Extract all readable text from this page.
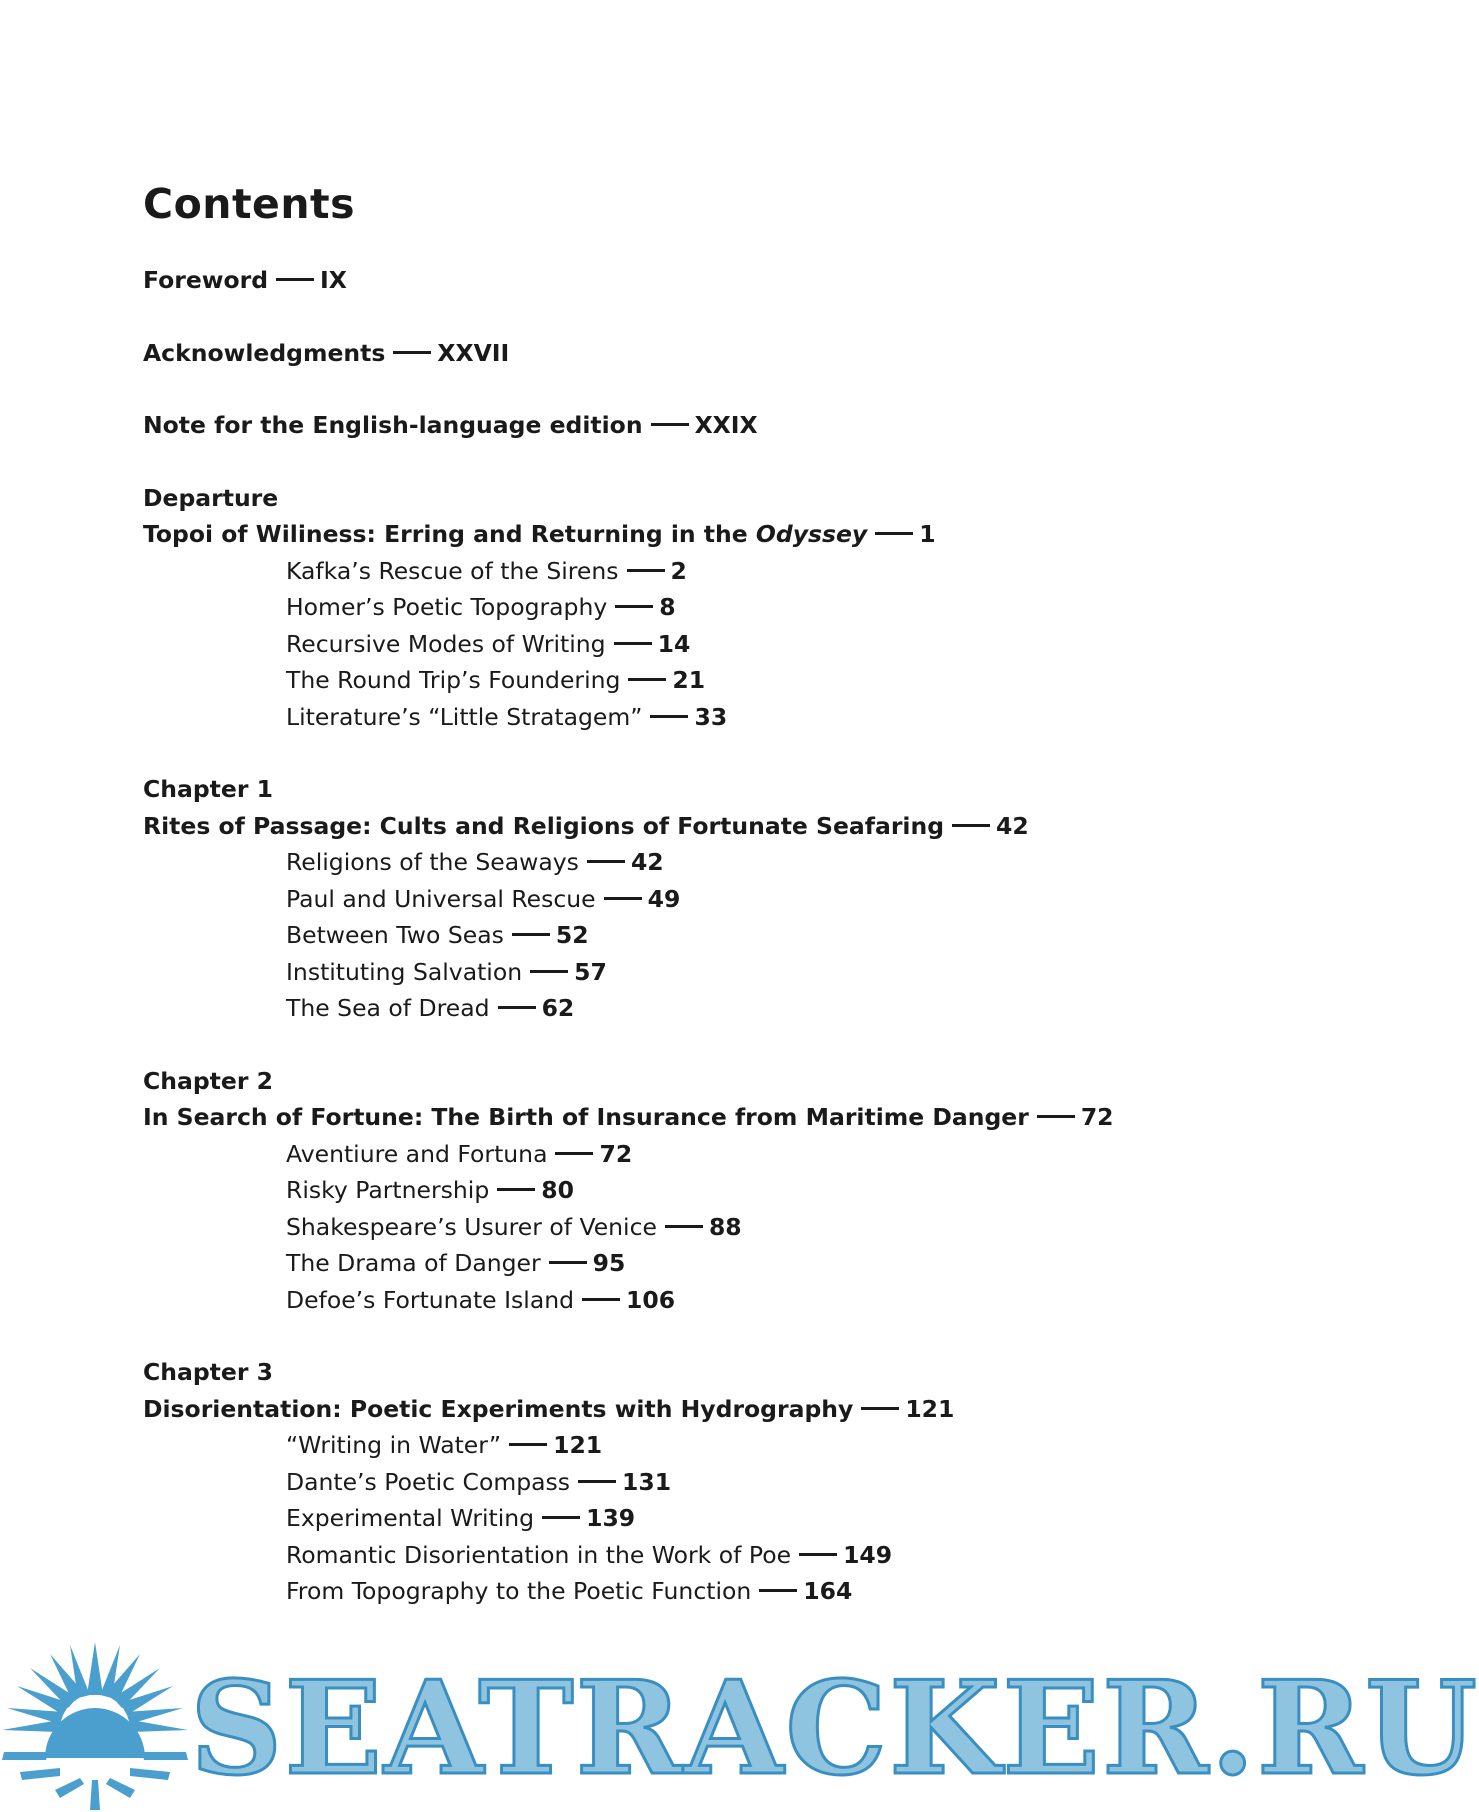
Contents
Foreword IX
Acknowledgments XXVII
Note for the English-language edition XXIX
Departure
Topoi of Wiliness: Erring and Returning in the Odyssey 1
Kafka’s Rescue of the Sirens 2
Homer’s Poetic Topography 8
Recursive Modes of Writing 14
The Round Trip’s Foundering 21
Literature’s “Little Stratagem” 33
Chapter 1
Rites of Passage: Cults and Religions of Fortunate Seafaring 42
Religions of the Seaways 42
Paul and Universal Rescue 49
Between Two Seas 52
Instituting Salvation 57
The Sea of Dread 62
Chapter 2
In Search of Fortune: The Birth of Insurance from Maritime Danger 72
Aventiure and Fortuna 72
Risky Partnership 80
Shakespeare’s Usurer of Venice 88
The Drama of Danger 95
Defoe’s Fortunate Island 106
Chapter 3
Disorientation: Poetic Experiments with Hydrography 121
“Writing in Water” 121
Dante’s Poetic Compass 131
Experimental Writing 139
Romantic Disorientation in the Work of Poe 149
From Topography to the Poetic Function 164
SEATRACKER.RU
